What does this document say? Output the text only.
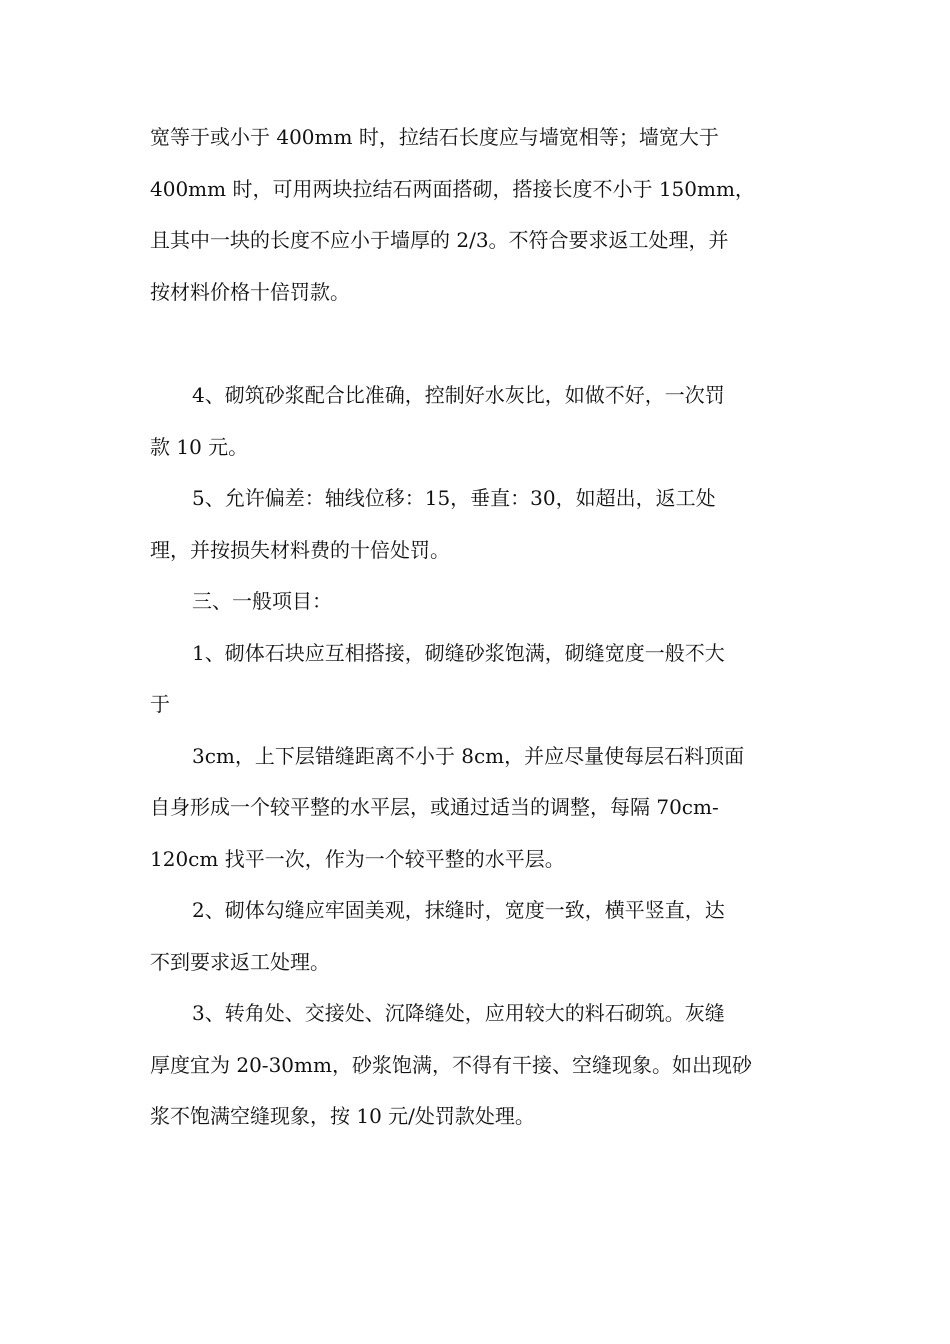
宽等于或小于 400mm 时，拉结石长度应与墙宽相等；墙宽大于
400mm 时，可用两块拉结石两面搭砌，搭接长度不小于 150mm，
且其中一块的长度不应小于墙厚的 2/3。不符合要求返工处理，并
按材料价格十倍罚款。
4、砌筑砂浆配合比准确，控制好水灰比，如做不好，一次罚
款 10 元。
5、允许偏差：轴线位移：15，垂直：30，如超出，返工处
理，并按损失材料费的十倍处罚。
三、一般项目：
1、砌体石块应互相搭接，砌缝砂浆饱满，砌缝宽度一般不大
于
3cm，上下层错缝距离不小于 8cm，并应尽量使每层石料顶面
自身形成一个较平整的水平层，或通过适当的调整，每隔 70cm-
120cm 找平一次，作为一个较平整的水平层。
2、砌体勾缝应牢固美观，抹缝时，宽度一致，横平竖直，达
不到要求返工处理。
3、转角处、交接处、沉降缝处，应用较大的料石砌筑。灰缝
厚度宜为 20-30mm，砂浆饱满，不得有干接、空缝现象。如出现砂
浆不饱满空缝现象，按 10 元/处罚款处理。
